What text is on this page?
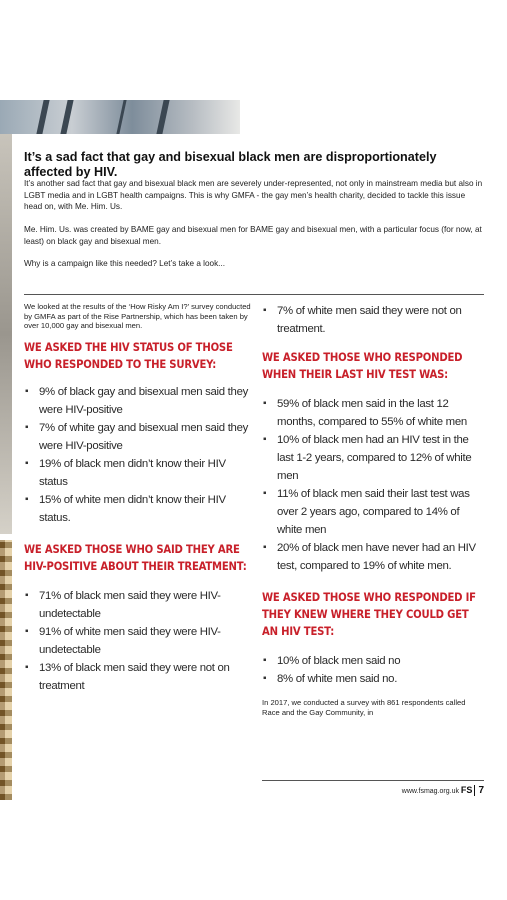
It’s a sad fact that gay and bisexual black men are disproportionately affected by HIV.
It’s another sad fact that gay and bisexual black men are severely under-represented, not only in mainstream media but also in LGBT media and in LGBT health campaigns. This is why GMFA - the gay men’s health charity, decided to tackle this issue head on, with Me. Him. Us.
Me. Him. Us. was created by BAME gay and bisexual men for BAME gay and bisexual men, with a particular focus (for now, at least) on black gay and bisexual men.
Why is a campaign like this needed? Let’s take a look...

We looked at the results of the ‘How Risky Am I?’ survey conducted by GMFA as part of the Rise Partnership, which has been taken by over 10,000 gay and bisexual men.

WE ASKED THE HIV STATUS OF THOSE WHO RESPONDED TO THE SURVEY:

▪ 9% of black gay and bisexual men said they were HIV-positive
▪ 7% of white gay and bisexual men said they were HIV-positive
▪ 19% of black men didn’t know their HIV status
▪ 15% of white men didn’t know their HIV status.

WE ASKED THOSE WHO SAID THEY ARE HIV-POSITIVE ABOUT THEIR TREATMENT:

▪ 71% of black men said they were HIV-undetectable
▪ 91% of white men said they were HIV-undetectable
▪ 13% of black men said they were not on treatment
▪ 7% of white men said they were not on treatment.

WE ASKED THOSE WHO RESPONDED WHEN THEIR LAST HIV TEST WAS:

▪ 59% of black men said in the last 12 months, compared to 55% of white men
▪ 10% of black men had an HIV test in the last 1-2 years, compared to 12% of white men
▪ 11% of black men said their last test was over 2 years ago, compared to 14% of white men
▪ 20% of black men have never had an HIV test, compared to 19% of white men.

WE ASKED THOSE WHO RESPONDED IF THEY KNEW WHERE THEY COULD GET AN HIV TEST:

▪ 10% of black men said no
▪ 8% of white men said no.

In 2017, we conducted a survey with 861 respondents called Race and the Gay Community, in

www.fsmag.org.uk FS 7
